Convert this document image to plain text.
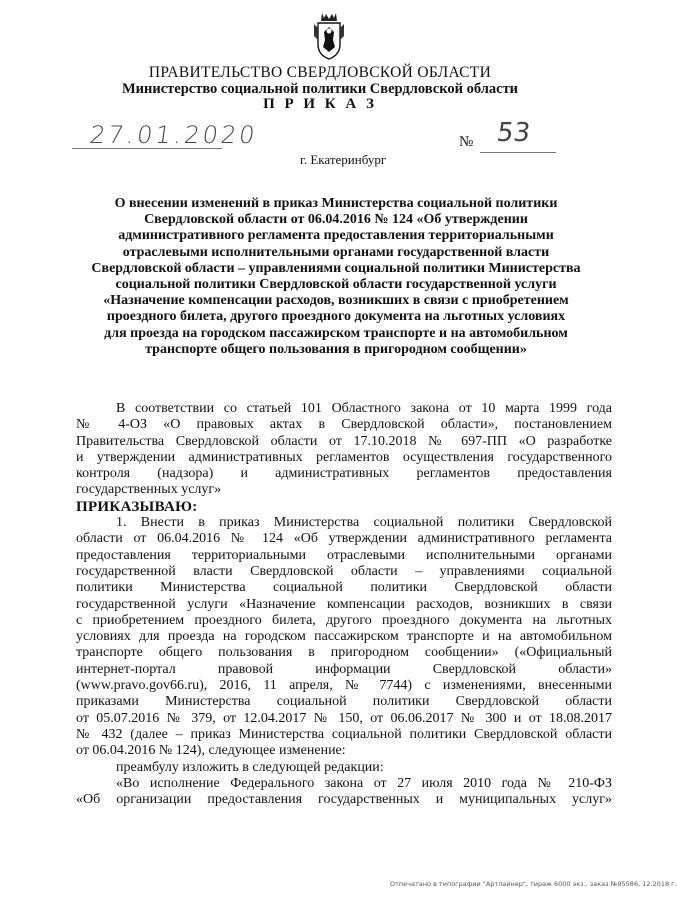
ПРАВИТЕЛЬСТВО СВЕРДЛОВСКОЙ ОБЛАСТИ
Министерство социальной политики Свердловской области
П Р И К А З
27.01.2020	№ 53
г. Екатеринбург
О внесении изменений в приказ Министерства социальной политики
Свердловской области от 06.04.2016 № 124 «Об утверждении
административного регламента предоставления территориальными
отраслевыми исполнительными органами государственной власти
Свердловской области – управлениями социальной политики Министерства
социальной политики Свердловской области государственной услуги
«Назначение компенсации расходов, возникших в связи с приобретением
проездного билета, другого проездного документа на льготных условиях
для проезда на городском пассажирском транспорте и на автомобильном
транспорте общего пользования в пригородном сообщении»
В соответствии со статьей 101 Областного закона от 10 марта 1999 года
№ 4-ОЗ «О правовых актах в Свердловской области», постановлением
Правительства Свердловской области от 17.10.2018 № 697-ПП «О разработке
и утверждении административных регламентов осуществления государственного
контроля (надзора) и административных регламентов предоставления
государственных услуг»
ПРИКАЗЫВАЮ:
1. Внести в приказ Министерства социальной политики Свердловской
области от 06.04.2016 № 124 «Об утверждении административного регламента
предоставления территориальными отраслевыми исполнительными органами
государственной власти Свердловской области – управлениями социальной
политики Министерства социальной политики Свердловской области
государственной услуги «Назначение компенсации расходов, возникших в связи
с приобретением проездного билета, другого проездного документа на льготных
условиях для проезда на городском пассажирском транспорте и на автомобильном
транспорте общего пользования в пригородном сообщении» («Официальный
интернет-портал правовой информации Свердловской области»
(www.pravo.gov66.ru), 2016, 11 апреля, № 7744) с изменениями, внесенными
приказами Министерства социальной политики Свердловской области
от 05.07.2016 № 379, от 12.04.2017 № 150, от 06.06.2017 № 300 и от 18.08.2017
№ 432 (далее – приказ Министерства социальной политики Свердловской области
от 06.04.2016 № 124), следующее изменение:
преамбулу изложить в следующей редакции:
«Во исполнение Федерального закона от 27 июля 2010 года № 210-ФЗ
«Об организации предоставления государственных и муниципальных услуг»
Отпечатано в типографии "Артлайнер", тираж 6000 экз., заказ №95586, 12.2018 г.
